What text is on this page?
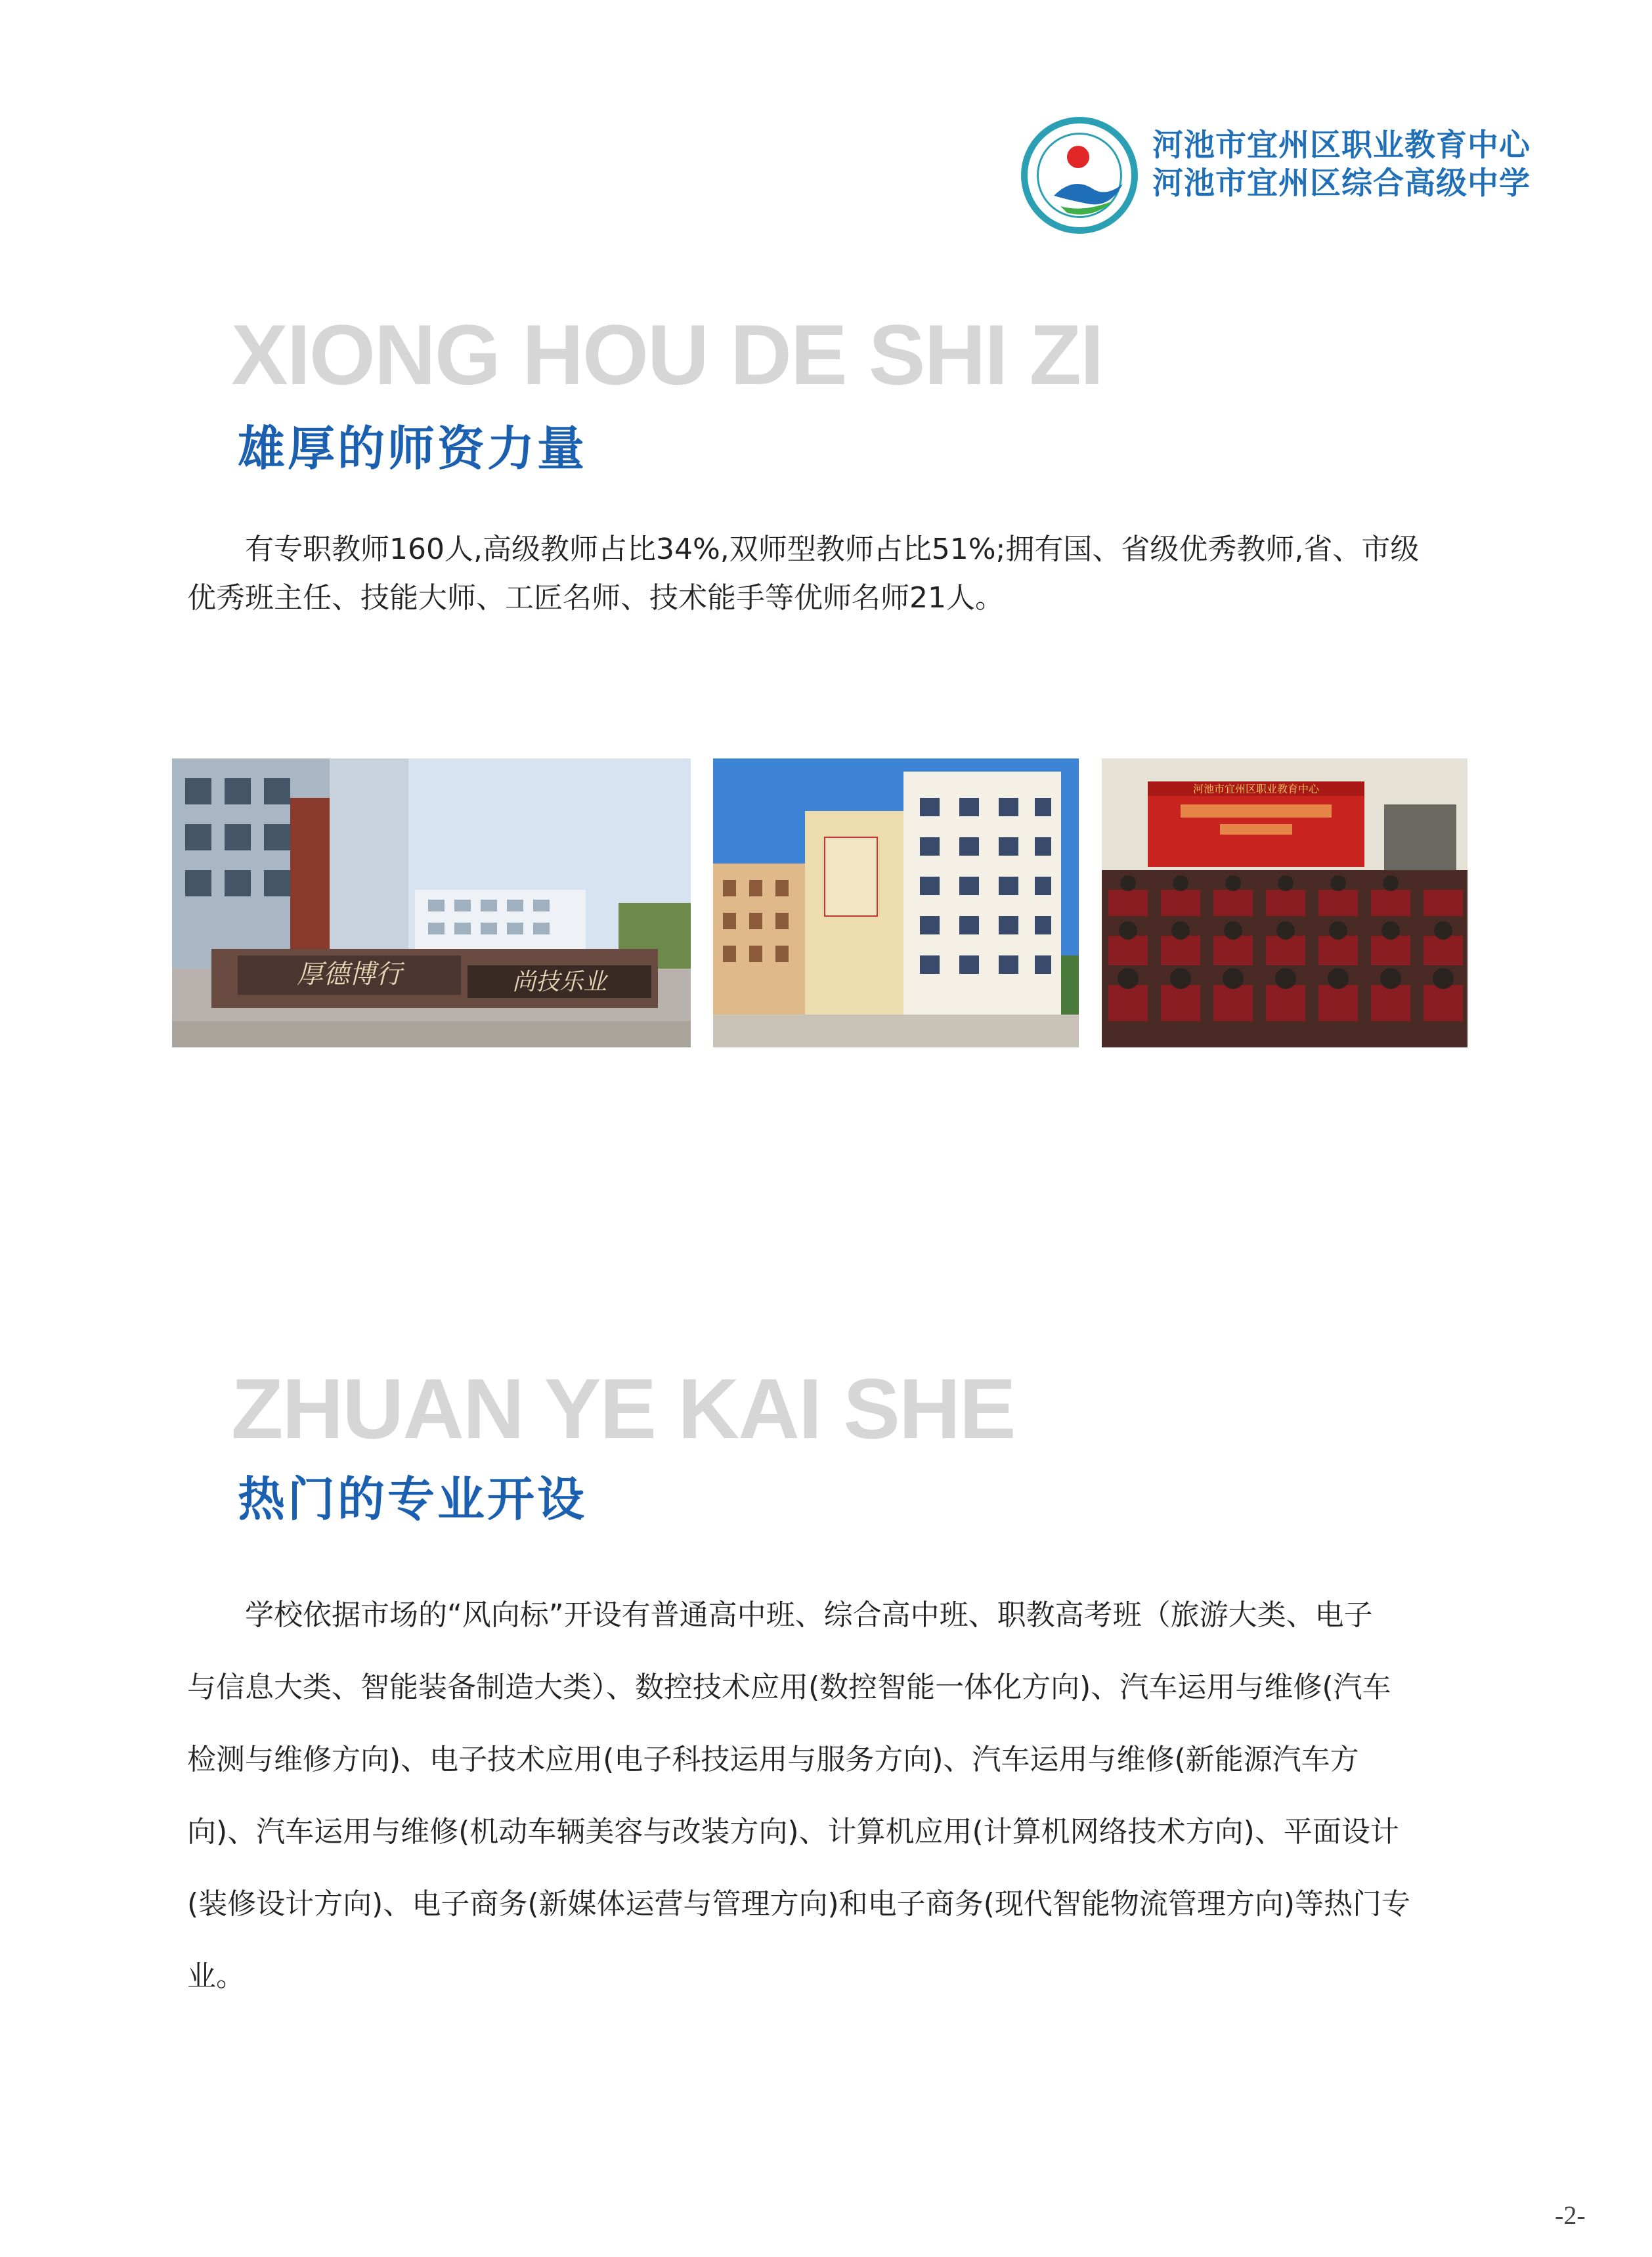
河池市宜州区职业教育中心
河池市宜州区综合高级中学
XIONG HOU DE SHI ZI
雄厚的师资力量
　　有专职教师160人,高级教师占比34%,双师型教师占比51%;拥有国、省级优秀教师,省、市级
优秀班主任、技能大师、工匠名师、技术能手等优师名师21人。
厚德博行	尚技乐业
河池市宜州区职业教育中心
ZHUAN YE KAI SHE
热门的专业开设
　　学校依据市场的“风向标”开设有普通高中班、综合高中班、职教高考班（旅游大类、电子
与信息大类、智能装备制造大类）、数控技术应用(数控智能一体化方向)、汽车运用与维修(汽车
检测与维修方向)、电子技术应用(电子科技运用与服务方向)、汽车运用与维修(新能源汽车方
向)、汽车运用与维修(机动车辆美容与改装方向)、计算机应用(计算机网络技术方向)、平面设计
(装修设计方向)、电子商务(新媒体运营与管理方向)和电子商务(现代智能物流管理方向)等热门专
业。
-2-
